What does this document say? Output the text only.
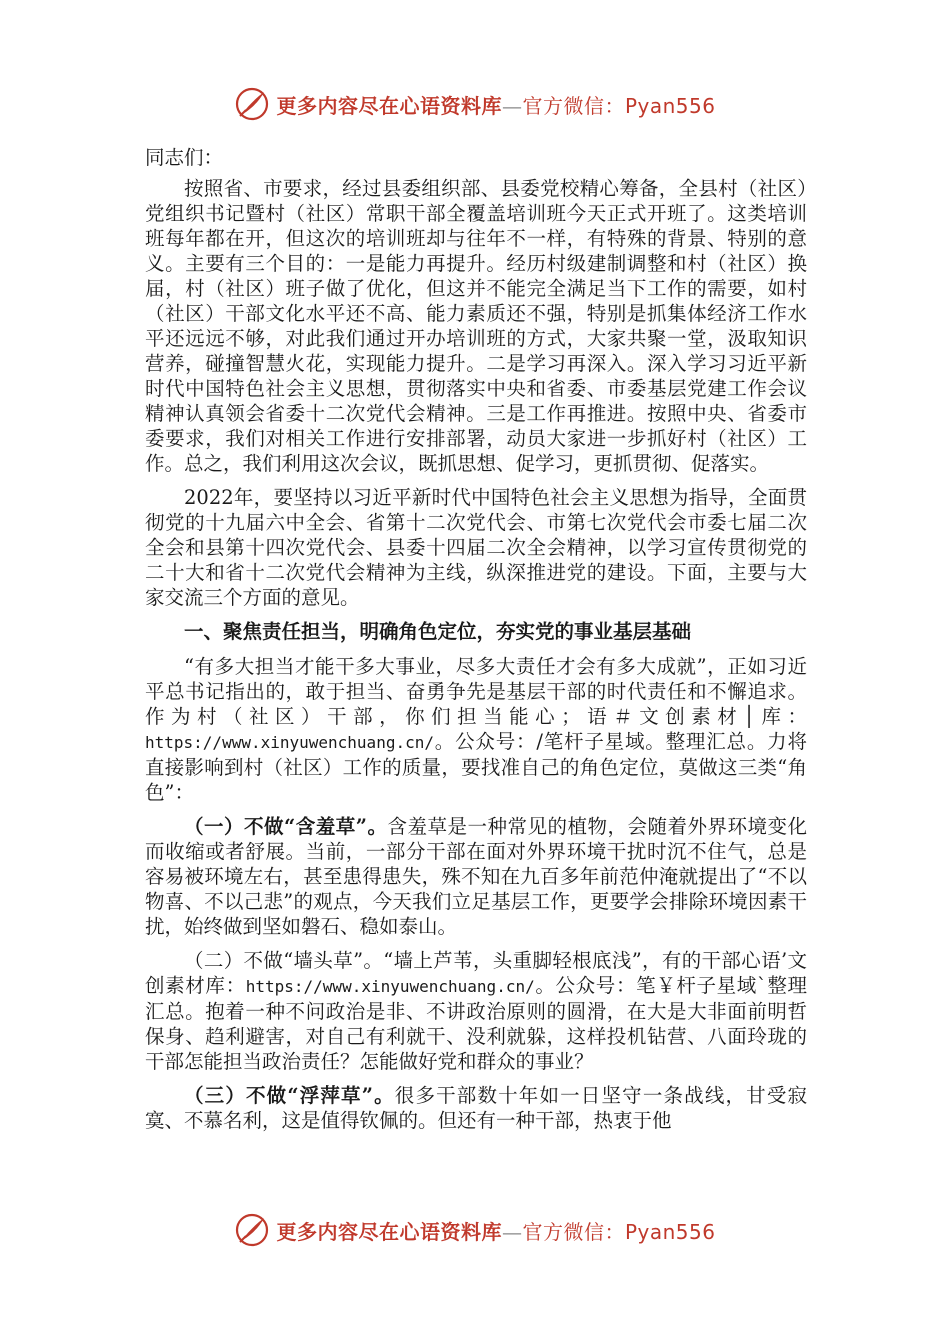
更多内容尽在心语资料库—官方微信：Pyan556

同志们：

按照省、市要求，经过县委组织部、县委党校精心筹备，全县村（社区）党组织书记暨村（社区）常职干部全覆盖培训班今天正式开班了。这类培训班每年都在开，但这次的培训班却与往年不一样，有特殊的背景、特别的意义。主要有三个目的：一是能力再提升。经历村级建制调整和村（社区）换届，村（社区）班子做了优化，但这并不能完全满足当下工作的需要，如村（社区）干部文化水平还不高、能力素质还不强，特别是抓集体经济工作水平还远远不够，对此我们通过开办培训班的方式，大家共聚一堂，汲取知识营养，碰撞智慧火花，实现能力提升。二是学习再深入。深入学习习近平新时代中国特色社会主义思想，贯彻落实中央和省委、市委基层党建工作会议精神认真领会省委十二次党代会精神。三是工作再推进。按照中央、省委市委要求，我们对相关工作进行安排部署，动员大家进一步抓好村（社区）工作。总之，我们利用这次会议，既抓思想、促学习，更抓贯彻、促落实。

2022年，要坚持以习近平新时代中国特色社会主义思想为指导，全面贯彻党的十九届六中全会、省第十二次党代会、市第七次党代会市委七届二次全会和县第十四次党代会、县委十四届二次全会精神，以学习宣传贯彻党的二十大和省十二次党代会精神为主线，纵深推进党的建设。下面，主要与大家交流三个方面的意见。

一、聚焦责任担当，明确角色定位，夯实党的事业基层基础

“有多大担当才能干多大事业，尽多大责任才会有多大成就”，正如习近平总书记指出的，敢于担当、奋勇争先是基层干部的时代责任和不懈追求。作为村（社区）干部，你们担当能心；语＃文创素材│库：https://www.xinyuwenchuang.cn/。公众号：/笔杆子星域。整理汇总。力将直接影响到村（社区）工作的质量，要找准自己的角色定位，莫做这三类“角色”：

（一）不做“含羞草”。含羞草是一种常见的植物，会随着外界环境变化而收缩或者舒展。当前，一部分干部在面对外界环境干扰时沉不住气，总是容易被环境左右，甚至患得患失，殊不知在九百多年前范仲淹就提出了“不以物喜、不以己悲”的观点，今天我们立足基层工作，更要学会排除环境因素干扰，始终做到坚如磐石、稳如泰山。

（二）不做“墙头草”。“墙上芦苇，头重脚轻根底浅”，有的干部心语’文创素材库：https://www.xinyuwenchuang.cn/。公众号：笔￥杆子星域`整理汇总。抱着一种不问政治是非、不讲政治原则的圆滑，在大是大非面前明哲保身、趋利避害，对自己有利就干、没利就躲，这样投机钻营、八面玲珑的干部怎能担当政治责任？怎能做好党和群众的事业？

（三）不做“浮萍草”。很多干部数十年如一日坚守一条战线，甘受寂寞、不慕名利，这是值得钦佩的。但还有一种干部，热衷于他

更多内容尽在心语资料库—官方微信：Pyan556
